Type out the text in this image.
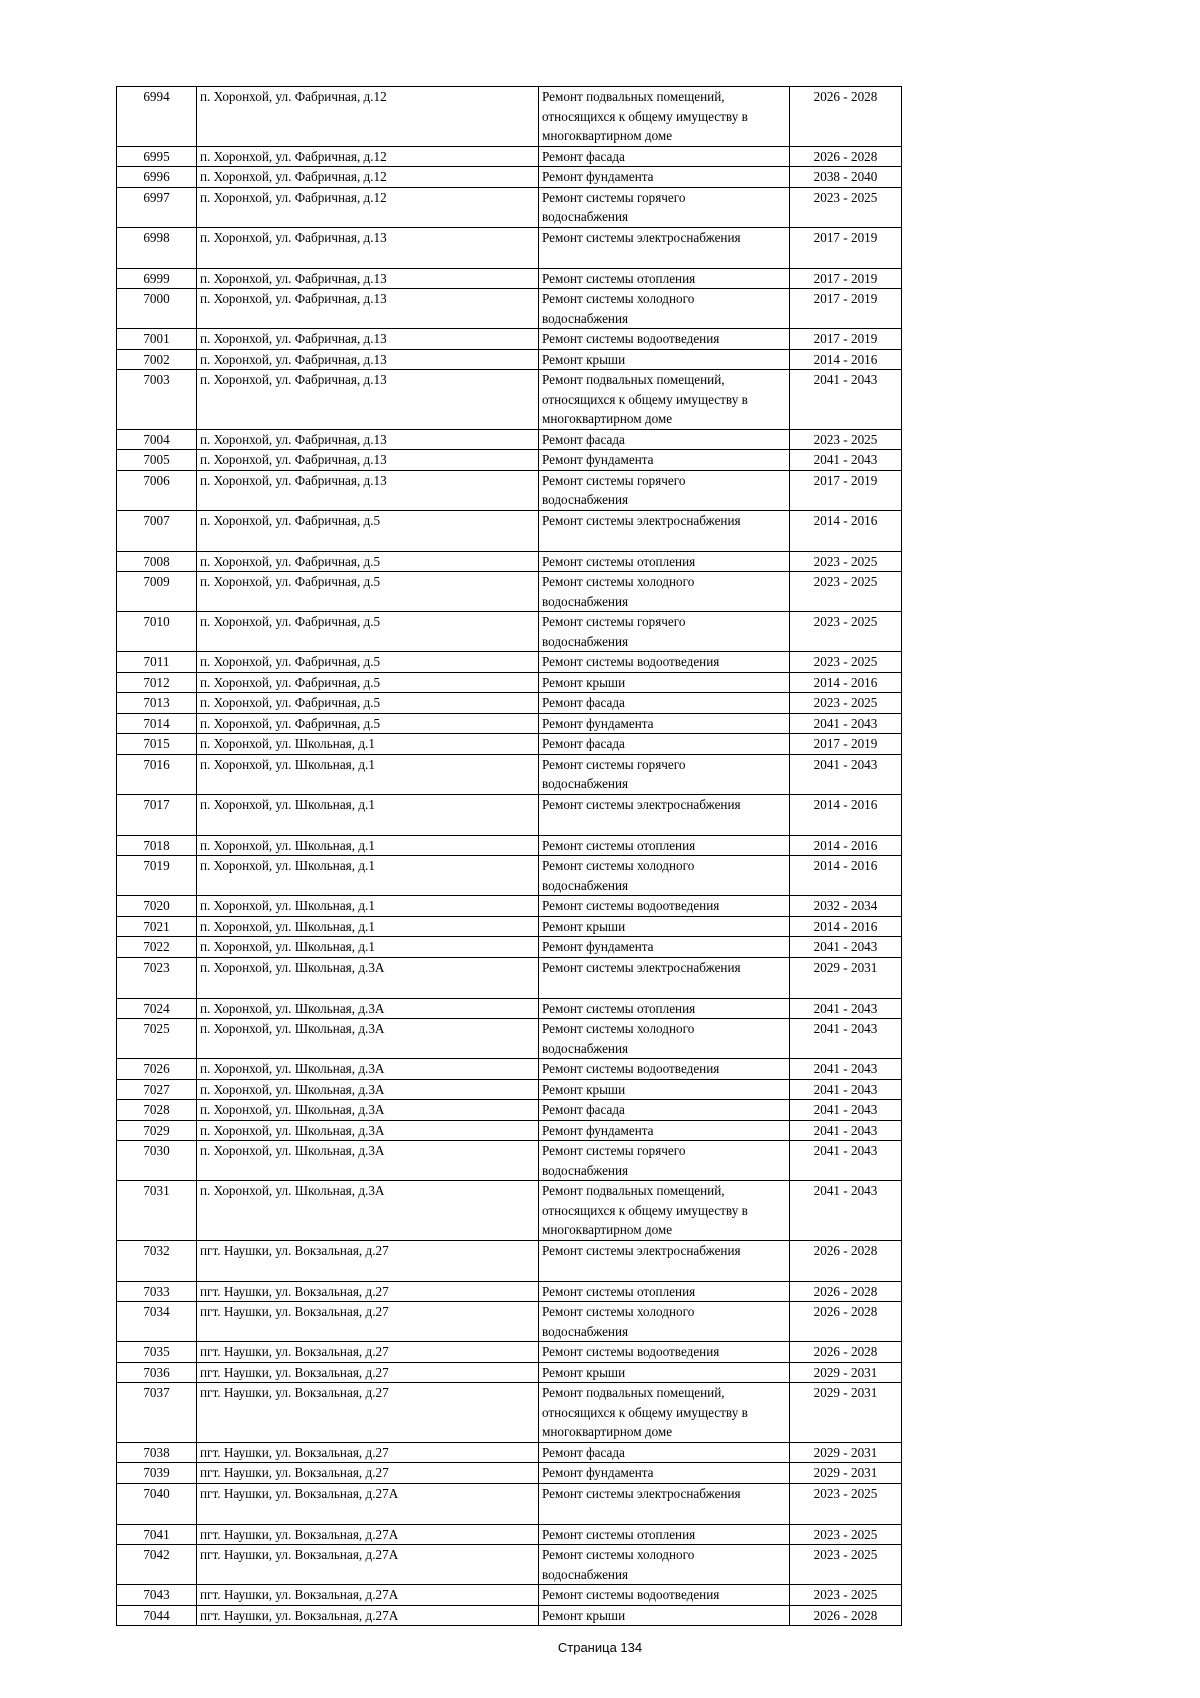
6994	п. Хоронхой, ул. Фабричная, д.12	Ремонт подвальных помещений,
относящихся к общему имуществу в
многоквартирном доме	2026 - 2028
6995	п. Хоронхой, ул. Фабричная, д.12	Ремонт фасада	2026 - 2028
6996	п. Хоронхой, ул. Фабричная, д.12	Ремонт фундамента	2038 - 2040
6997	п. Хоронхой, ул. Фабричная, д.12	Ремонт системы горячего
водоснабжения	2023 - 2025
6998	п. Хоронхой, ул. Фабричная, д.13	Ремонт системы электроснабжения	2017 - 2019
6999	п. Хоронхой, ул. Фабричная, д.13	Ремонт системы отопления	2017 - 2019
7000	п. Хоронхой, ул. Фабричная, д.13	Ремонт системы холодного
водоснабжения	2017 - 2019
7001	п. Хоронхой, ул. Фабричная, д.13	Ремонт системы водоотведения	2017 - 2019
7002	п. Хоронхой, ул. Фабричная, д.13	Ремонт крыши	2014 - 2016
7003	п. Хоронхой, ул. Фабричная, д.13	Ремонт подвальных помещений,
относящихся к общему имуществу в
многоквартирном доме	2041 - 2043
7004	п. Хоронхой, ул. Фабричная, д.13	Ремонт фасада	2023 - 2025
7005	п. Хоронхой, ул. Фабричная, д.13	Ремонт фундамента	2041 - 2043
7006	п. Хоронхой, ул. Фабричная, д.13	Ремонт системы горячего
водоснабжения	2017 - 2019
7007	п. Хоронхой, ул. Фабричная, д.5	Ремонт системы электроснабжения	2014 - 2016
7008	п. Хоронхой, ул. Фабричная, д.5	Ремонт системы отопления	2023 - 2025
7009	п. Хоронхой, ул. Фабричная, д.5	Ремонт системы холодного
водоснабжения	2023 - 2025
7010	п. Хоронхой, ул. Фабричная, д.5	Ремонт системы горячего
водоснабжения	2023 - 2025
7011	п. Хоронхой, ул. Фабричная, д.5	Ремонт системы водоотведения	2023 - 2025
7012	п. Хоронхой, ул. Фабричная, д.5	Ремонт крыши	2014 - 2016
7013	п. Хоронхой, ул. Фабричная, д.5	Ремонт фасада	2023 - 2025
7014	п. Хоронхой, ул. Фабричная, д.5	Ремонт фундамента	2041 - 2043
7015	п. Хоронхой, ул. Школьная, д.1	Ремонт фасада	2017 - 2019
7016	п. Хоронхой, ул. Школьная, д.1	Ремонт системы горячего
водоснабжения	2041 - 2043
7017	п. Хоронхой, ул. Школьная, д.1	Ремонт системы электроснабжения	2014 - 2016
7018	п. Хоронхой, ул. Школьная, д.1	Ремонт системы отопления	2014 - 2016
7019	п. Хоронхой, ул. Школьная, д.1	Ремонт системы холодного
водоснабжения	2014 - 2016
7020	п. Хоронхой, ул. Школьная, д.1	Ремонт системы водоотведения	2032 - 2034
7021	п. Хоронхой, ул. Школьная, д.1	Ремонт крыши	2014 - 2016
7022	п. Хоронхой, ул. Школьная, д.1	Ремонт фундамента	2041 - 2043
7023	п. Хоронхой, ул. Школьная, д.3А	Ремонт системы электроснабжения	2029 - 2031
7024	п. Хоронхой, ул. Школьная, д.3А	Ремонт системы отопления	2041 - 2043
7025	п. Хоронхой, ул. Школьная, д.3А	Ремонт системы холодного
водоснабжения	2041 - 2043
7026	п. Хоронхой, ул. Школьная, д.3А	Ремонт системы водоотведения	2041 - 2043
7027	п. Хоронхой, ул. Школьная, д.3А	Ремонт крыши	2041 - 2043
7028	п. Хоронхой, ул. Школьная, д.3А	Ремонт фасада	2041 - 2043
7029	п. Хоронхой, ул. Школьная, д.3А	Ремонт фундамента	2041 - 2043
7030	п. Хоронхой, ул. Школьная, д.3А	Ремонт системы горячего
водоснабжения	2041 - 2043
7031	п. Хоронхой, ул. Школьная, д.3А	Ремонт подвальных помещений,
относящихся к общему имуществу в
многоквартирном доме	2041 - 2043
7032	пгт. Наушки, ул. Вокзальная, д.27	Ремонт системы электроснабжения	2026 - 2028
7033	пгт. Наушки, ул. Вокзальная, д.27	Ремонт системы отопления	2026 - 2028
7034	пгт. Наушки, ул. Вокзальная, д.27	Ремонт системы холодного
водоснабжения	2026 - 2028
7035	пгт. Наушки, ул. Вокзальная, д.27	Ремонт системы водоотведения	2026 - 2028
7036	пгт. Наушки, ул. Вокзальная, д.27	Ремонт крыши	2029 - 2031
7037	пгт. Наушки, ул. Вокзальная, д.27	Ремонт подвальных помещений,
относящихся к общему имуществу в
многоквартирном доме	2029 - 2031
7038	пгт. Наушки, ул. Вокзальная, д.27	Ремонт фасада	2029 - 2031
7039	пгт. Наушки, ул. Вокзальная, д.27	Ремонт фундамента	2029 - 2031
7040	пгт. Наушки, ул. Вокзальная, д.27А	Ремонт системы электроснабжения	2023 - 2025
7041	пгт. Наушки, ул. Вокзальная, д.27А	Ремонт системы отопления	2023 - 2025
7042	пгт. Наушки, ул. Вокзальная, д.27А	Ремонт системы холодного
водоснабжения	2023 - 2025
7043	пгт. Наушки, ул. Вокзальная, д.27А	Ремонт системы водоотведения	2023 - 2025
7044	пгт. Наушки, ул. Вокзальная, д.27А	Ремонт крыши	2026 - 2028
Страница 134
